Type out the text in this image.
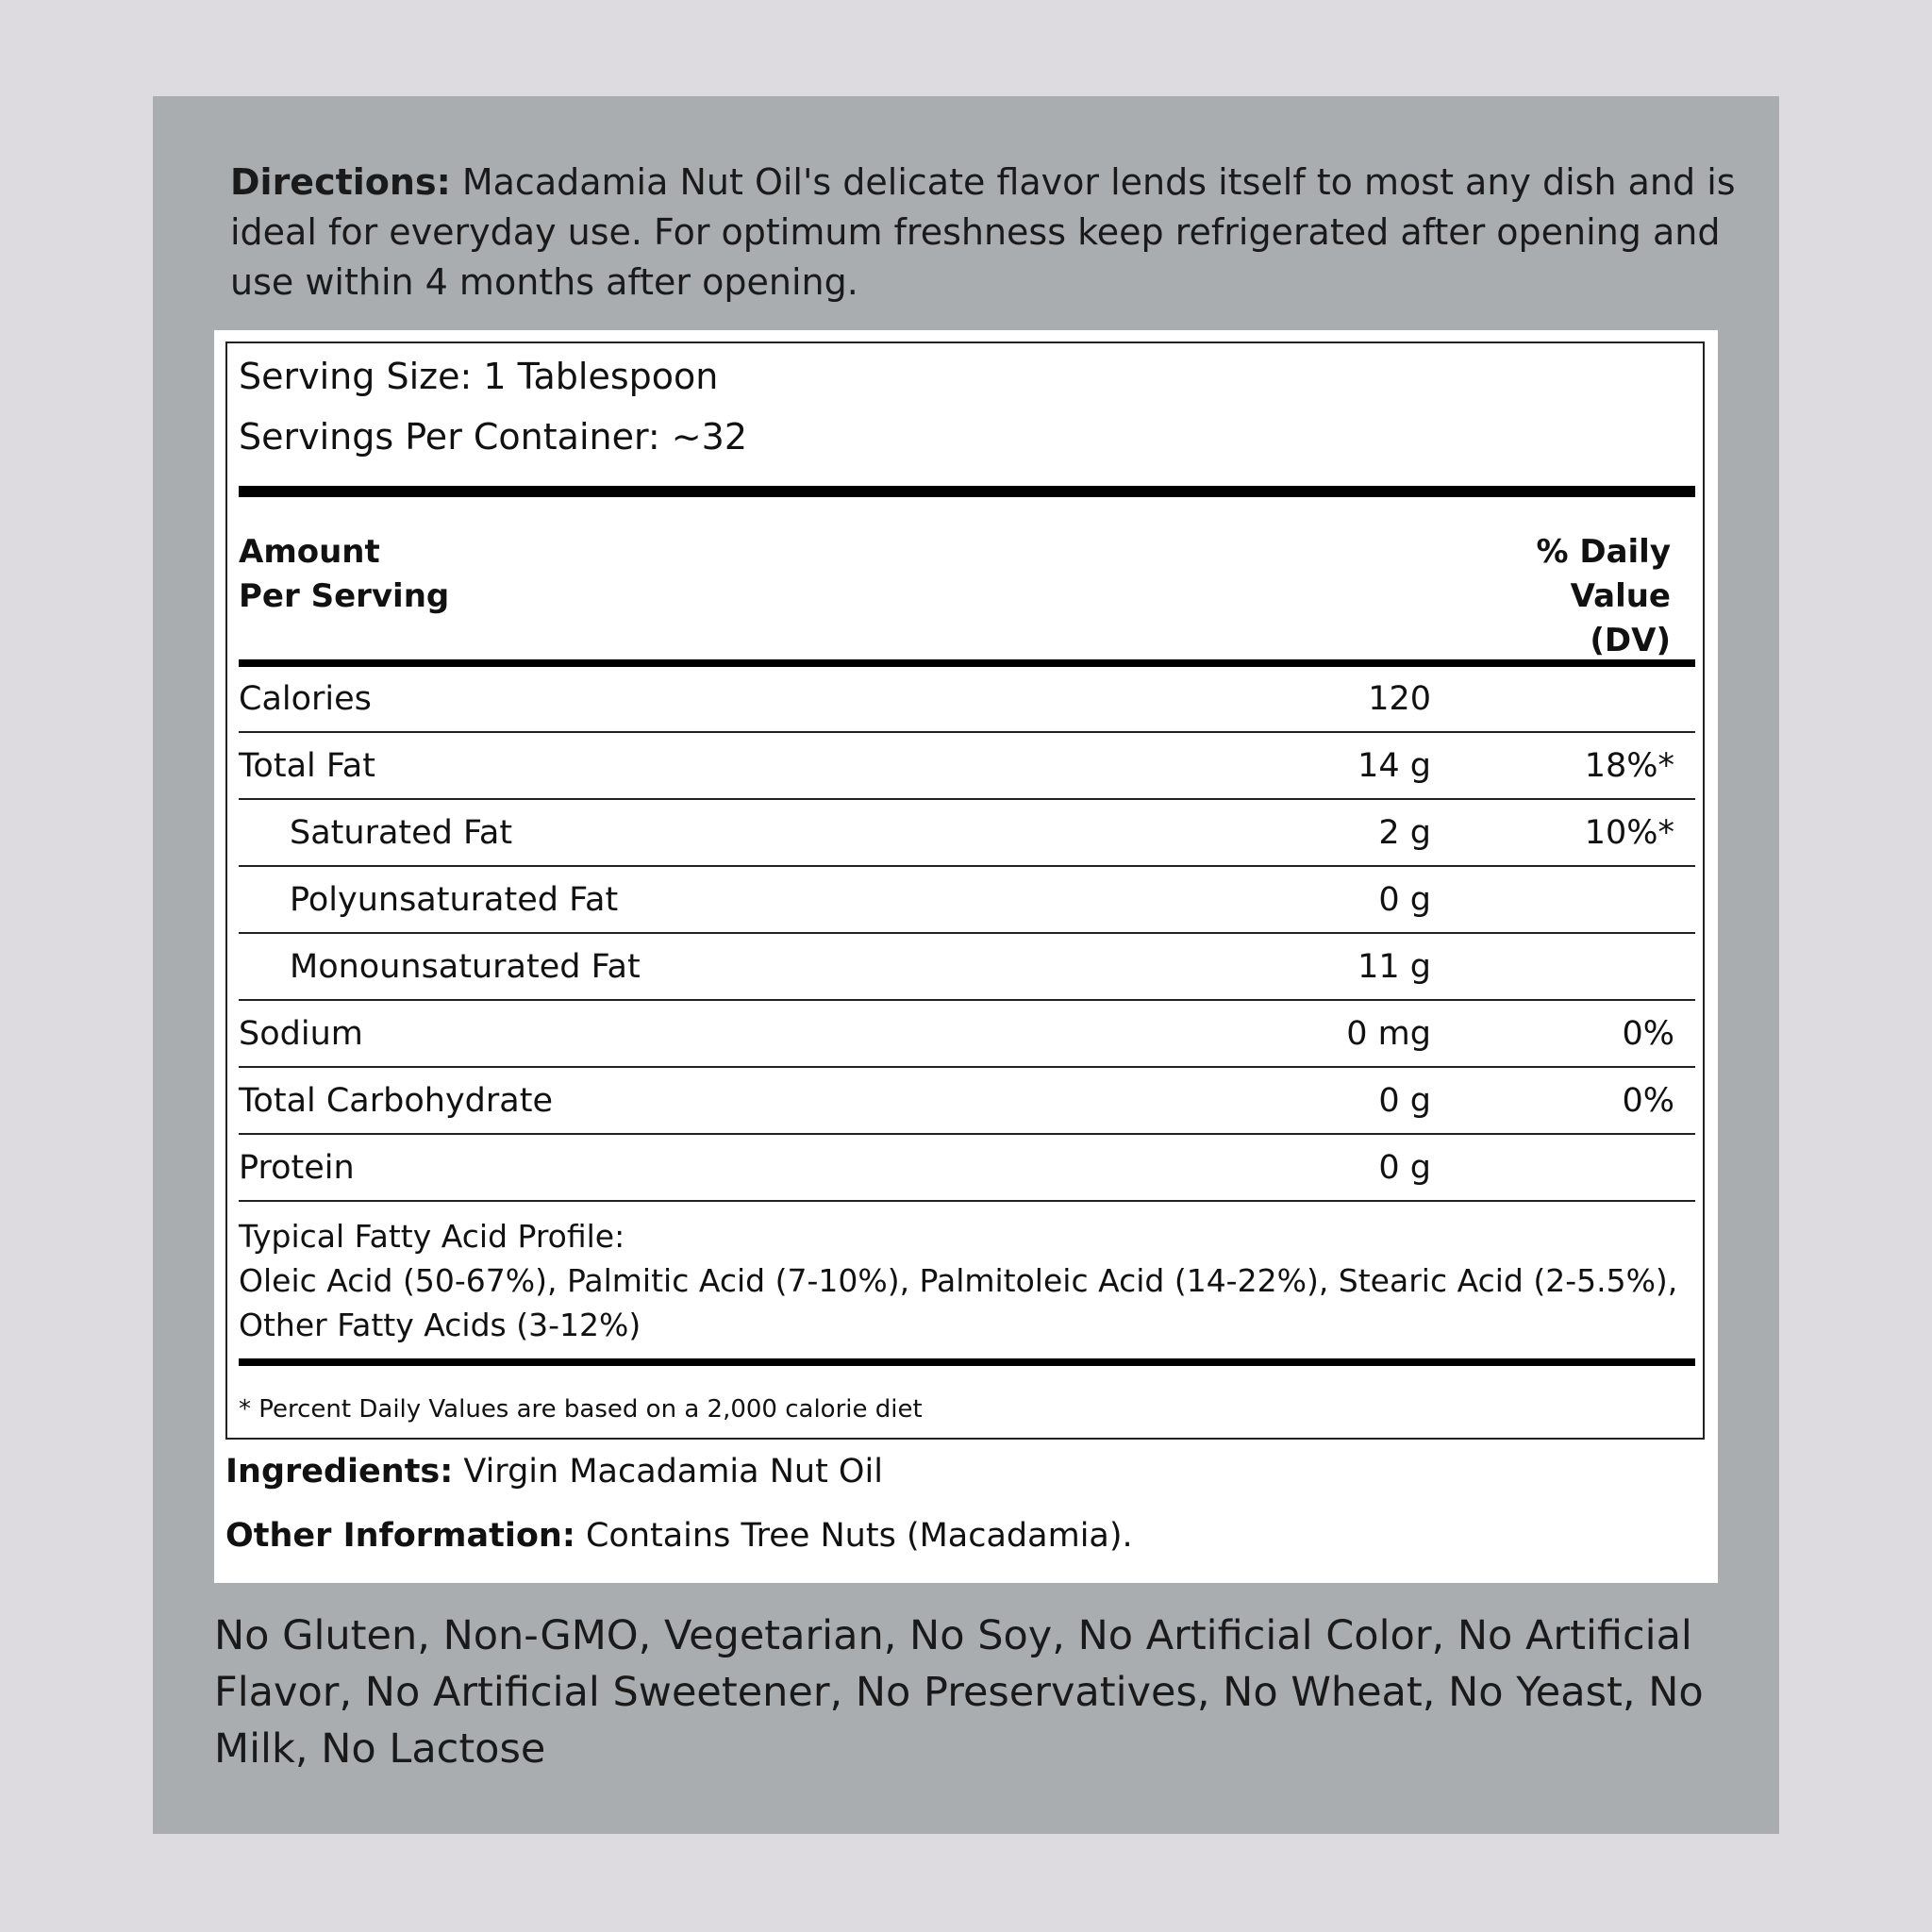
Directions: Macadamia Nut Oil's delicate flavor lends itself to most any dish and is ideal for everyday use. For optimum freshness keep refrigerated after opening and use within 4 months after opening.
Serving Size: 1 Tablespoon
Servings Per Container: ~32
Amount
Per Serving
% Daily
Value
(DV)
Calories	120
Total Fat	14 g	18%*
Saturated Fat	2 g	10%*
Polyunsaturated Fat	0 g
Monounsaturated Fat	11 g
Sodium	0 mg	0%
Total Carbohydrate	0 g	0%
Protein	0 g
Typical Fatty Acid Profile:
Oleic Acid (50-67%), Palmitic Acid (7-10%), Palmitoleic Acid (14-22%), Stearic Acid (2-5.5%), Other Fatty Acids (3-12%)
* Percent Daily Values are based on a 2,000 calorie diet
Ingredients: Virgin Macadamia Nut Oil
Other Information: Contains Tree Nuts (Macadamia).
No Gluten, Non-GMO, Vegetarian, No Soy, No Artificial Color, No Artificial Flavor, No Artificial Sweetener, No Preservatives, No Wheat, No Yeast, No Milk, No Lactose
